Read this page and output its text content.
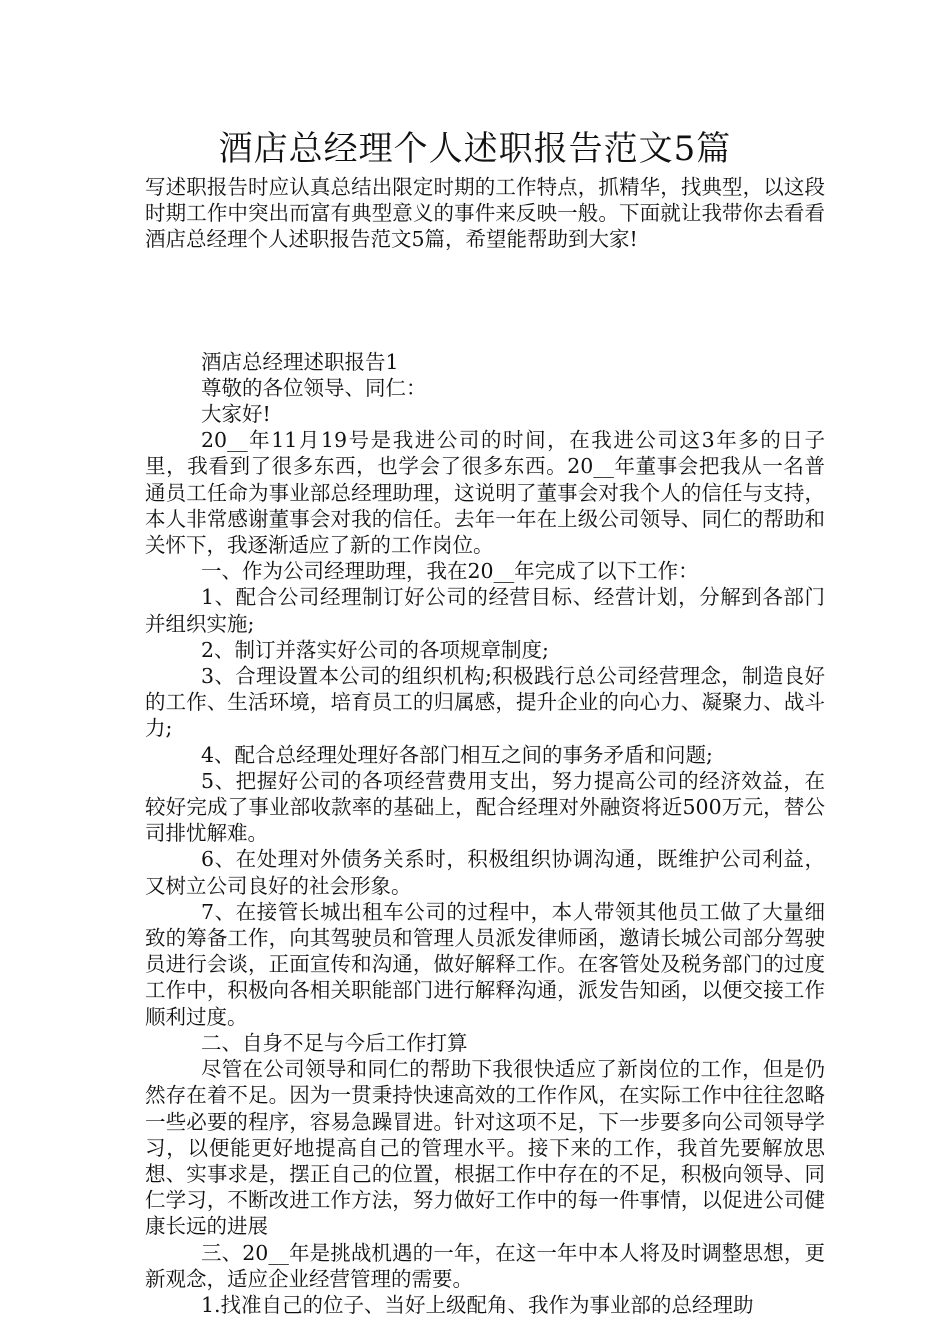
酒店总经理个人述职报告范文5篇

写述职报告时应认真总结出限定时期的工作特点，抓精华，找典型，以这段时期工作中突出而富有典型意义的事件来反映一般。下面就让我带你去看看酒店总经理个人述职报告范文5篇，希望能帮助到大家!

酒店总经理述职报告1

尊敬的各位领导、同仁：

大家好!

20__年11月19号是我进公司的时间，在我进公司这3年多的日子里，我看到了很多东西，也学会了很多东西。20__年董事会把我从一名普通员工任命为事业部总经理助理，这说明了董事会对我个人的信任与支持，本人非常感谢董事会对我的信任。去年一年在上级公司领导、同仁的帮助和关怀下，我逐渐适应了新的工作岗位。

一、作为公司经理助理，我在20__年完成了以下工作：

1、配合公司经理制订好公司的经营目标、经营计划，分解到各部门并组织实施;

2、制订并落实好公司的各项规章制度;

3、合理设置本公司的组织机构;积极践行总公司经营理念，制造良好的工作、生活环境，培育员工的归属感，提升企业的向心力、凝聚力、战斗力;

4、配合总经理处理好各部门相互之间的事务矛盾和问题;

5、把握好公司的各项经营费用支出，努力提高公司的经济效益，在较好完成了事业部收款率的基础上，配合经理对外融资将近500万元，替公司排忧解难。

6、在处理对外债务关系时，积极组织协调沟通，既维护公司利益，又树立公司良好的社会形象。

7、在接管长城出租车公司的过程中，本人带领其他员工做了大量细致的筹备工作，向其驾驶员和管理人员派发律师函，邀请长城公司部分驾驶员进行会谈，正面宣传和沟通，做好解释工作。在客管处及税务部门的过度工作中，积极向各相关职能部门进行解释沟通，派发告知函，以便交接工作顺利过度。

二、自身不足与今后工作打算

尽管在公司领导和同仁的帮助下我很快适应了新岗位的工作，但是仍然存在着不足。因为一贯秉持快速高效的工作作风，在实际工作中往往忽略一些必要的程序，容易急躁冒进。针对这项不足，下一步要多向公司领导学习，以便能更好地提高自己的管理水平。接下来的工作，我首先要解放思想、实事求是，摆正自己的位置，根据工作中存在的不足，积极向领导、同仁学习，不断改进工作方法，努力做好工作中的每一件事情，以促进公司健康长远的进展

三、20__年是挑战机遇的一年，在这一年中本人将及时调整思想，更新观念，适应企业经营管理的需要。

1.找准自己的位子、当好上级配角、我作为事业部的总经理助
